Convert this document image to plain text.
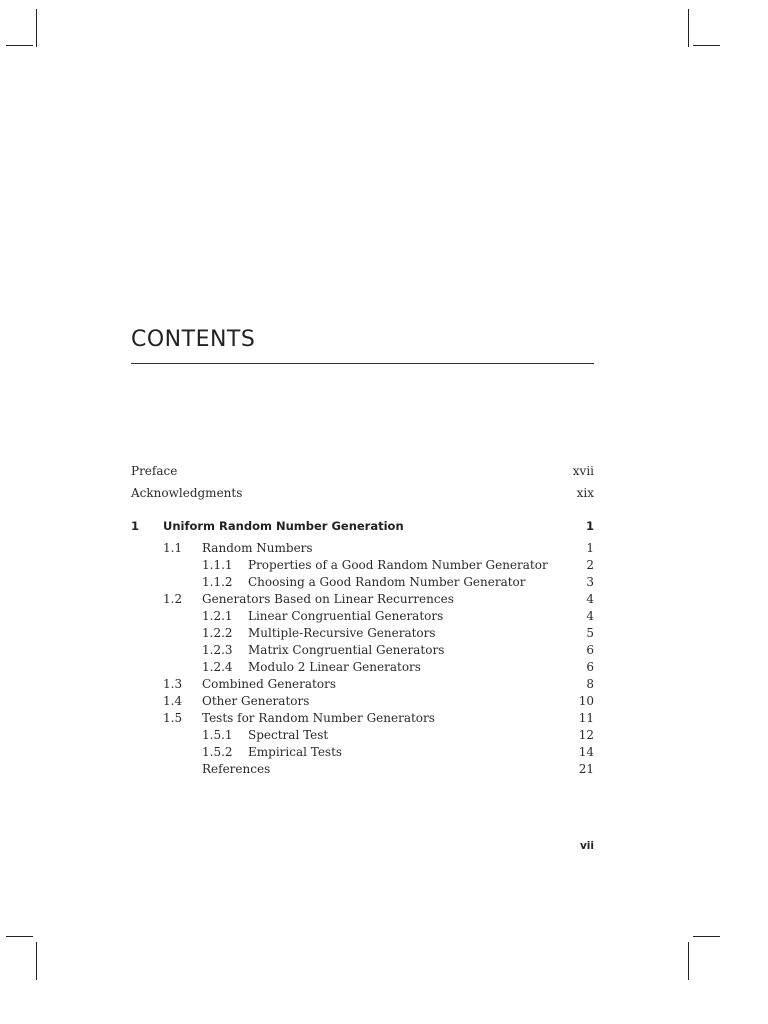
CONTENTS
Preface	xvii
Acknowledgments	xix
1 Uniform Random Number Generation	1
1.1 Random Numbers	1
1.1.1 Properties of a Good Random Number Generator	2
1.1.2 Choosing a Good Random Number Generator	3
1.2 Generators Based on Linear Recurrences	4
1.2.1 Linear Congruential Generators	4
1.2.2 Multiple-Recursive Generators	5
1.2.3 Matrix Congruential Generators	6
1.2.4 Modulo 2 Linear Generators	6
1.3 Combined Generators	8
1.4 Other Generators	10
1.5 Tests for Random Number Generators	11
1.5.1 Spectral Test	12
1.5.2 Empirical Tests	14
References	21
vii
